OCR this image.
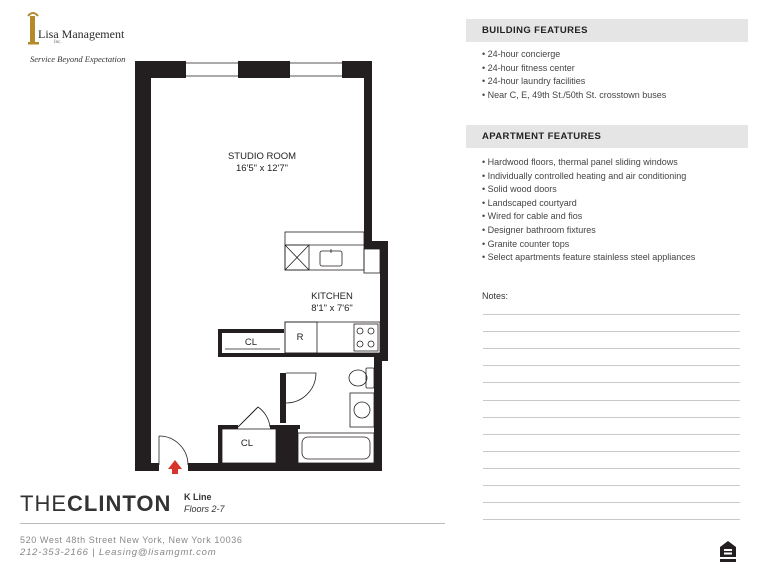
Lisa Management
Inc.
Service Beyond Expectation
STUDIO ROOM
16'5" x 12'7"
KITCHEN
8'1" x 7'6"
CL	R
CL
THECLINTON K Line
Floors 2-7
520 West 48th Street New York, New York 10036
212-353-2166 | Leasing@lisamgmt.com
BUILDING FEATURES
• 24-hour concierge
• 24-hour fitness center
• 24-hour laundry facilities
• Near C, E, 49th St./50th St. crosstown buses
APARTMENT FEATURES
• Hardwood floors, thermal panel sliding windows
• Individually controlled heating and air conditioning
• Solid wood doors
• Landscaped courtyard
• Wired for cable and fios
• Designer bathroom fixtures
• Granite counter tops
• Select apartments feature stainless steel appliances
Notes:
